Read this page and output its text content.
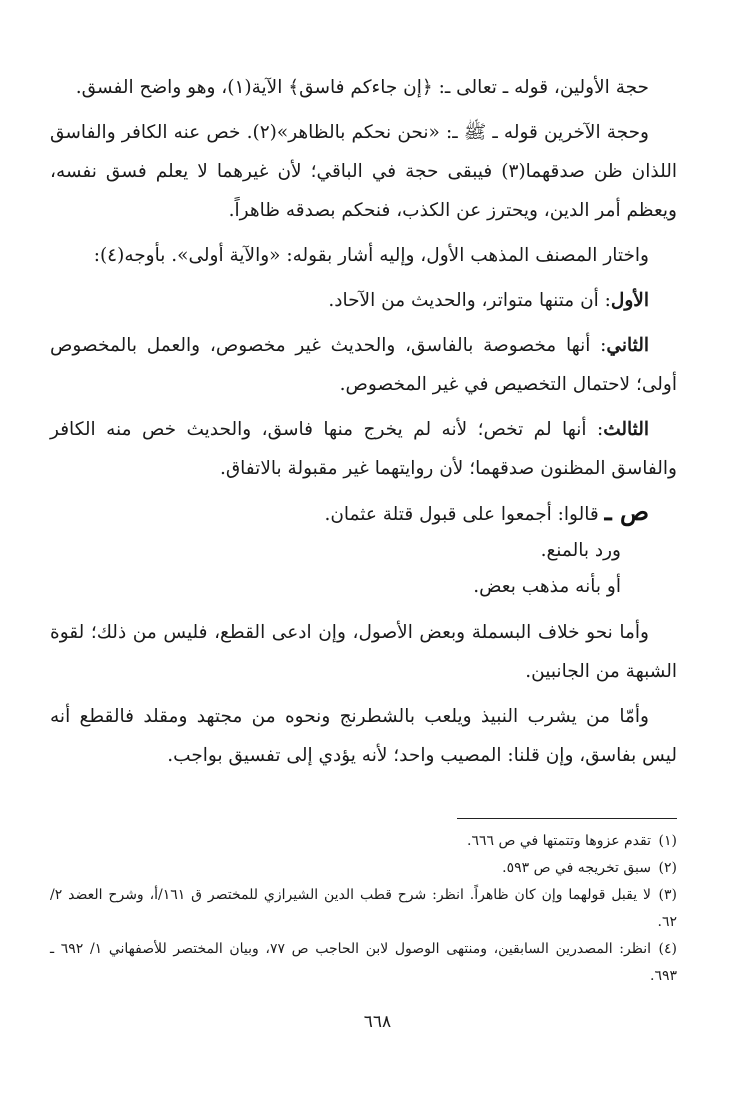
حجة الأولين، قوله ـ تعالى ـ: ﴿إن جاءكم فاسق﴾ الآية(١)، وهو واضح الفسق.

وحجة الآخرين قوله ـ ﷺ ـ: «نحن نحكم بالظاهر»(٢). خص عنه الكافر والفاسق اللذان ظن صدقهما(٣) فيبقى حجة في الباقي؛ لأن غيرهما لا يعلم فسق نفسه، ويعظم أمر الدين، ويحترز عن الكذب، فنحكم بصدقه ظاهراً.

واختار المصنف المذهب الأول، وإليه أشار بقوله: «والآية أولى». بأوجه(٤):

الأول: أن متنها متواتر، والحديث من الآحاد.

الثاني: أنها مخصوصة بالفاسق، والحديث غير مخصوص، والعمل بالمخصوص أولى؛ لاحتمال التخصيص في غير المخصوص.

الثالث: أنها لم تخص؛ لأنه لم يخرج منها فاسق، والحديث خص منه الكافر والفاسق المظنون صدقهما؛ لأن روايتهما غير مقبولة بالاتفاق.

ص ـ قالوا: أجمعوا على قبول قتلة عثمان.

ورد بالمنع.

أو بأنه مذهب بعض.

وأما نحو خلاف البسملة وبعض الأصول، وإن ادعى القطع، فليس من ذلك؛ لقوة الشبهة من الجانبين.

وأمّا من يشرب النبيذ ويلعب بالشطرنج ونحوه من مجتهد ومقلد فالقطع أنه ليس بفاسق، وإن قلنا: المصيب واحد؛ لأنه يؤدي إلى تفسيق بواجب.

(١)تقدم عزوها وتتمتها في ص ٦٦٦.

(٢)سبق تخريجه في ص ٥٩٣.

(٣)لا يقبل قولهما وإن كان ظاهراً. انظر: شرح قطب الدين الشيرازي للمختصر ق ١٦١/أ، وشرح العضد ٢/ ٦٢.

(٤)انظر: المصدرين السابقين، ومنتهى الوصول لابن الحاجب ص ٧٧، وبيان المختصر للأصفهاني ١/ ٦٩٢ ـ ٦٩٣.

٦٦٨
